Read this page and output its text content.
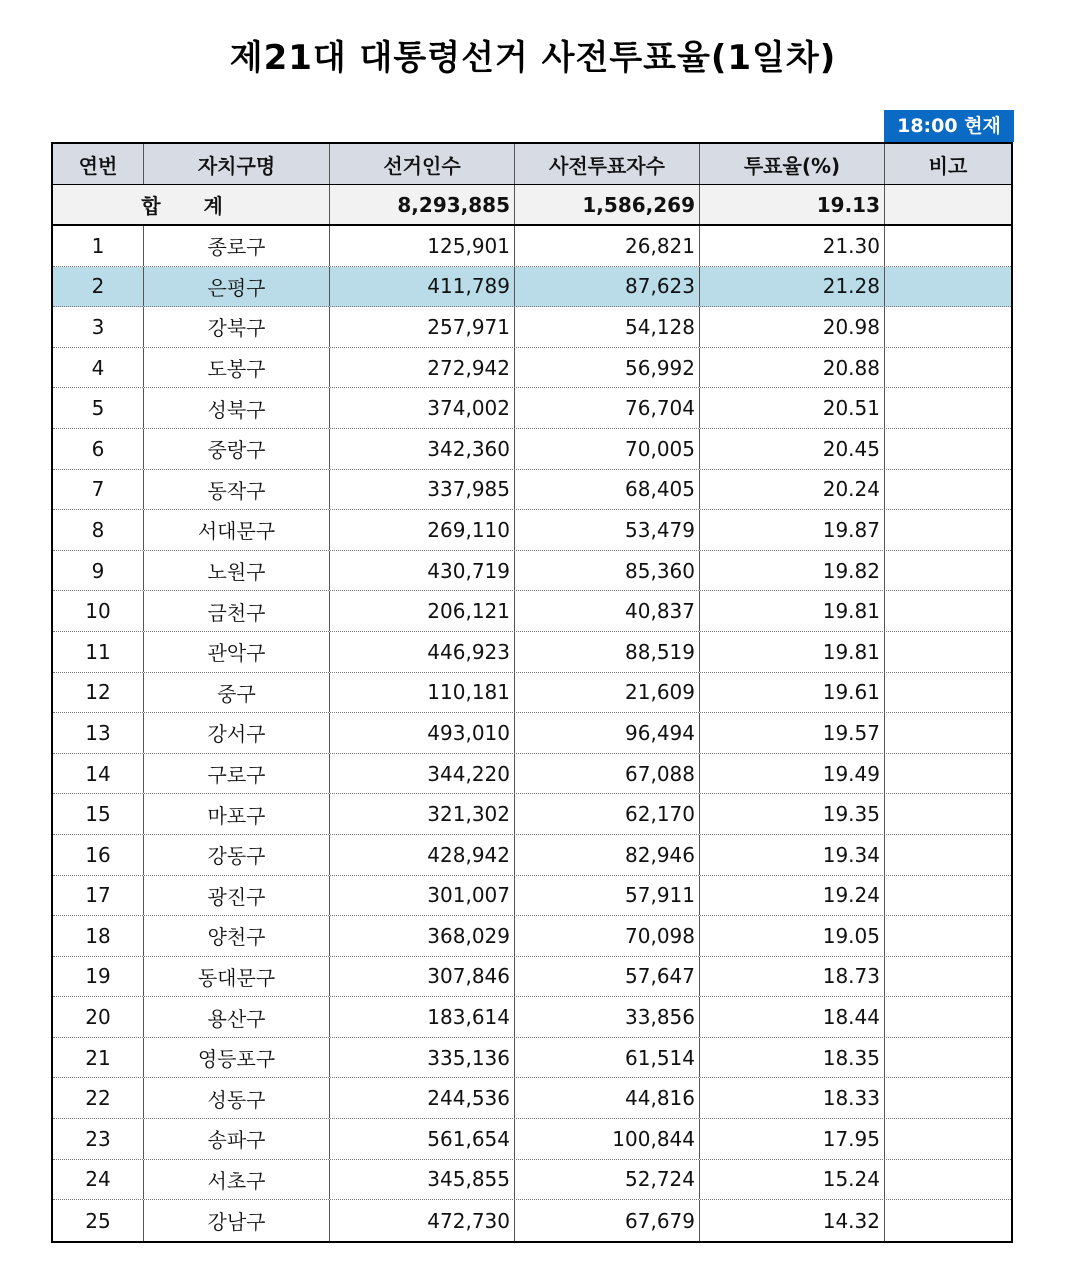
제21대 대통령선거 사전투표율(1일차)
18:00 현재
연번	자치구명	선거인수	사전투표자수	투표율(%)	비고
합 계	8,293,885	1,586,269	19.13
1	종로구	125,901	26,821	21.30
2	은평구	411,789	87,623	21.28
3	강북구	257,971	54,128	20.98
4	도봉구	272,942	56,992	20.88
5	성북구	374,002	76,704	20.51
6	중랑구	342,360	70,005	20.45
7	동작구	337,985	68,405	20.24
8	서대문구	269,110	53,479	19.87
9	노원구	430,719	85,360	19.82
10	금천구	206,121	40,837	19.81
11	관악구	446,923	88,519	19.81
12	중구	110,181	21,609	19.61
13	강서구	493,010	96,494	19.57
14	구로구	344,220	67,088	19.49
15	마포구	321,302	62,170	19.35
16	강동구	428,942	82,946	19.34
17	광진구	301,007	57,911	19.24
18	양천구	368,029	70,098	19.05
19	동대문구	307,846	57,647	18.73
20	용산구	183,614	33,856	18.44
21	영등포구	335,136	61,514	18.35
22	성동구	244,536	44,816	18.33
23	송파구	561,654	100,844	17.95
24	서초구	345,855	52,724	15.24
25	강남구	472,730	67,679	14.32
